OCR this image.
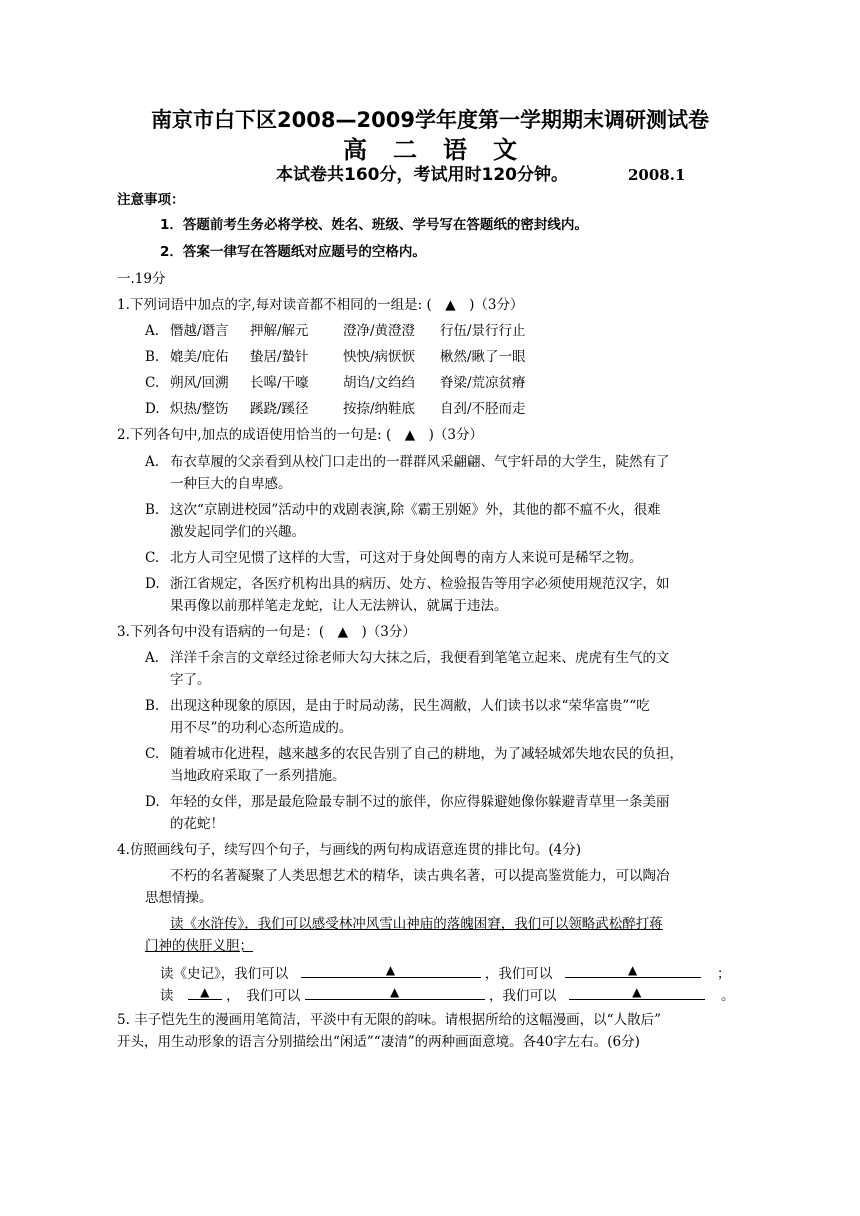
南京市白下区2008—2009学年度第一学期期末调研测试卷
高二语文
本试卷共160分，考试用时120分钟。	2008.1
注意事项：
1．答题前考生务必将学校、姓名、班级、学号写在答题纸的密封线内。
2．答案一律写在答题纸对应题号的空格内。
一.19分
1.下列词语中加点的字,每对读音都不相同的一组是: (　▲　)（3分）
A. 僭越/谮言 押解/解元	澄净/黄澄澄 行伍/景行行止
B. 媲美/庇佑 蛰居/蟄针	怏怏/病恹恹 楸然/瞅了一眼
C. 朔风/回溯 长嗥/干嚎	胡诌/文绉绉 脊梁/荒凉贫瘠
D. 炽热/整饬 蹊跷/蹊径	按捺/纳鞋底 自刭/不胫而走
2.下列各句中,加点的成语使用恰当的一句是: (　▲　)（3分）
A. 布衣草履的父亲看到从校门口走出的一群群风采翩翩、气宇轩昂的大学生，陡然有了
一种巨大的自卑感。
B. 这次“京剧进校园”活动中的戏剧表演,除《霸王别姬》外，其他的都不瘟不火，很难
激发起同学们的兴趣。
C. 北方人司空见惯了这样的大雪，可这对于身处闽粤的南方人来说可是稀罕之物。
D. 浙江省规定，各医疗机构出具的病历、处方、检验报告等用字必须使用规范汉字，如
果再像以前那样笔走龙蛇，让人无法辨认，就属于违法。
3.下列各句中没有语病的一句是：(　▲　)（3分）
A. 洋洋千余言的文章经过徐老师大勾大抹之后，我便看到笔笔立起来、虎虎有生气的文
字了。
B. 出现这种现象的原因，是由于时局动荡，民生凋敝，人们读书以求“荣华富贵”“吃
用不尽”的功利心态所造成的。
C. 随着城市化进程，越来越多的农民告别了自己的耕地，为了减轻城郊失地农民的负担，
当地政府采取了一系列措施。
D. 年轻的女伴，那是最危险最专制不过的旅伴，你应得躲避她像你躲避青草里一条美丽
的花蛇！
4.仿照画线句子，续写四个句子，与画线的两句构成语意连贯的排比句。(4分)
不朽的名著凝聚了人类思想艺术的精华，读古典名著，可以提高鉴赏能力，可以陶冶
思想情操。
读《水浒传》，我们可以感受林冲风雪山神庙的落魄困窘，我们可以领略武松醉打蒋
门神的侠肝义胆；
读《史记》，我们可以	▲	，我们可以	▲	；
读 ▲ ，　我们可以	▲	，我们可以	▲	。
5. 丰子恺先生的漫画用笔简洁，平淡中有无限的韵味。请根据所给的这幅漫画，以“人散后”
开头，用生动形象的语言分别描绘出“闲适”“凄清”的两种画面意境。各40字左右。(6分)
